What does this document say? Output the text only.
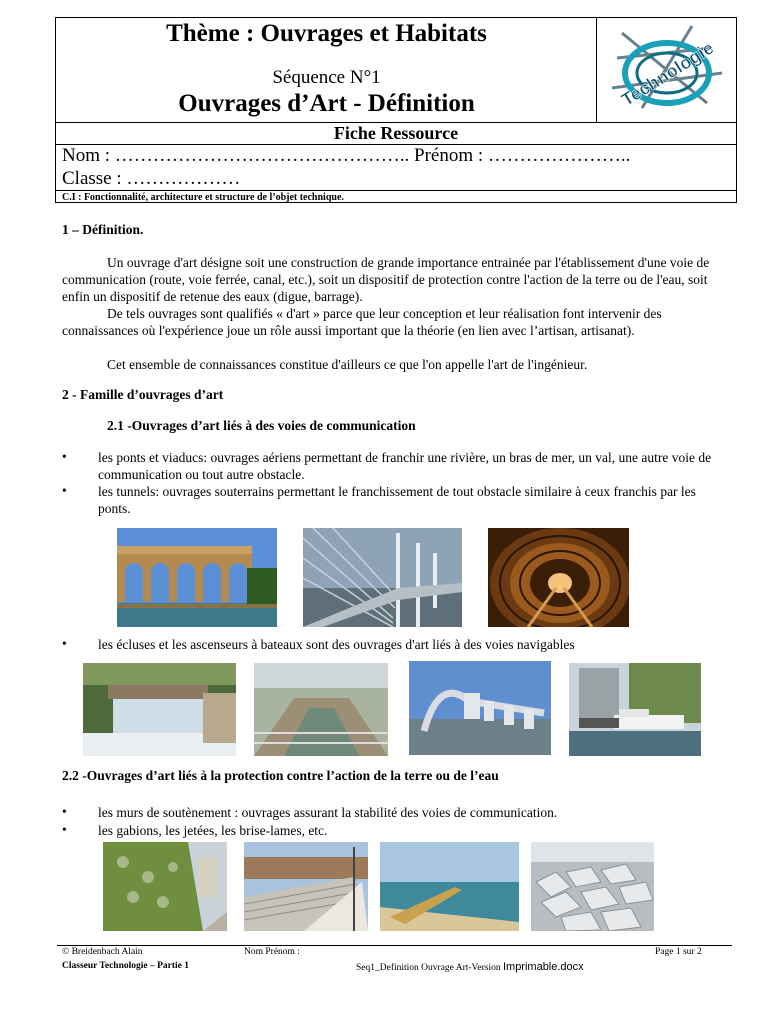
Thème : Ouvrages et Habitats
Séquence N°1
Ouvrages d’Art - Définition	Technologie
Fiche Ressource
Nom : ……………………………………….. Prénom : …………………..
Classe : ………………
C.I : Fonctionnalité, architecture et structure de l’objet technique.
1 – Définition.
Un ouvrage d'art désigne soit une construction de grande importance entrainée par l'établissement d'une voie de communication (route, voie ferrée, canal, etc.), soit un dispositif de protection contre l'action de la terre ou de l'eau, soit enfin un dispositif de retenue des eaux (digue, barrage).
De tels ouvrages sont qualifiés « d'art » parce que leur conception et leur réalisation font intervenir des connaissances où l'expérience joue un rôle aussi important que la théorie (en lien avec l’artisan, artisanat).
Cet ensemble de connaissances constitue d'ailleurs ce que l'on appelle l'art de l'ingénieur.
2 - Famille d’ouvrages d’art
2.1 -Ouvrages d’art liés à des voies de communication
• les ponts et viaducs: ouvrages aériens permettant de franchir une rivière, un bras de mer, un val, une autre voie de communication ou tout autre obstacle.
• les tunnels: ouvrages souterrains permettant le franchissement de tout obstacle similaire à ceux franchis par les ponts.
• les écluses et les ascenseurs à bateaux sont des ouvrages d'art liés à des voies navigables
2.2 -Ouvrages d’art liés à la protection contre l’action de la terre ou de l’eau
• les murs de soutènement : ouvrages assurant la stabilité des voies de communication.
• les gabions, les jetées, les brise-lames, etc.
© Breidenbach Alain	Nom Prénom :	Page 1 sur 2
Classeur Technologie – Partie 1	Seq1_Definition Ouvrage Art-Version Imprimable.docx
